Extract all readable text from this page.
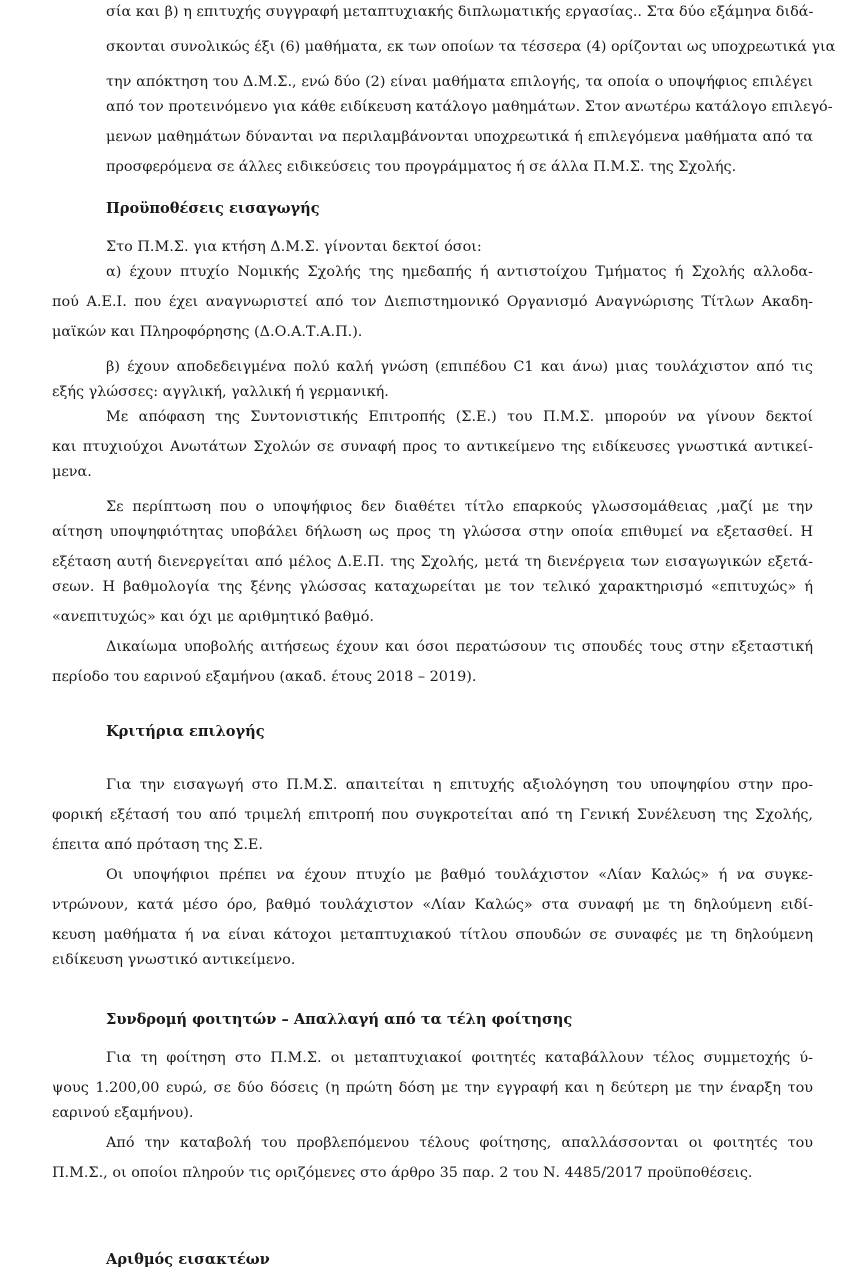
σία και β) η επιτυχής συγγραφή μεταπτυχιακής διπλωματικής εργασίας.. Στα δύο εξάμηνα διδά-
σκονται συνολικώς έξι (6) μαθήματα, εκ των οποίων τα τέσσερα (4) ορίζονται ως υποχρεωτικά για
την απόκτηση του Δ.Μ.Σ., ενώ δύο (2) είναι μαθήματα επιλογής, τα οποία ο υποψήφιος επιλέγει
από τον προτεινόμενο για κάθε ειδίκευση κατάλογο μαθημάτων. Στον ανωτέρω κατάλογο επιλεγό-
μενων μαθημάτων δύνανται να περιλαμβάνονται υποχρεωτικά ή επιλεγόμενα μαθήματα από τα
προσφερόμενα σε άλλες ειδικεύσεις του προγράμματος ή σε άλλα Π.Μ.Σ. της Σχολής.
Προϋποθέσεις εισαγωγής
Στο Π.Μ.Σ. για κτήση Δ.Μ.Σ. γίνονται δεκτοί όσοι:
α) έχουν πτυχίο Νομικής Σχολής της ημεδαπής ή αντιστοίχου Τμήματος ή Σχολής αλλοδα-
πού Α.Ε.Ι. που έχει αναγνωριστεί από τον Διεπιστημονικό Οργανισμό Αναγνώρισης Τίτλων Ακαδη-
μαϊκών και Πληροφόρησης (Δ.Ο.Α.Τ.Α.Π.).
β) έχουν αποδεδειγμένα πολύ καλή γνώση (επιπέδου C1 και άνω) μιας τουλάχιστον από τις
εξής γλώσσες: αγγλική, γαλλική ή γερμανική.
Με απόφαση της Συντονιστικής Επιτροπής (Σ.Ε.) του Π.Μ.Σ. μπορούν να γίνουν δεκτοί
και πτυχιούχοι Ανωτάτων Σχολών σε συναφή προς το αντικείμενο της ειδίκευσες γνωστικά αντικεί-
μενα.
Σε περίπτωση που ο υποψήφιος δεν διαθέτει τίτλο επαρκούς γλωσσομάθειας ,μαζί με την
αίτηση υποψηφιότητας υποβάλει δήλωση ως προς τη γλώσσα στην οποία επιθυμεί να εξετασθεί. Η
εξέταση αυτή διενεργείται από μέλος Δ.Ε.Π. της Σχολής, μετά τη διενέργεια των εισαγωγικών εξετά-
σεων. Η βαθμολογία της ξένης γλώσσας καταχωρείται με τον τελικό χαρακτηρισμό «επιτυχώς» ή
«ανεπιτυχώς» και όχι με αριθμητικό βαθμό.
Δικαίωμα υποβολής αιτήσεως έχουν και όσοι περατώσουν τις σπουδές τους στην εξεταστική
περίοδο του εαρινού εξαμήνου (ακαδ. έτους 2018 – 2019).
Κριτήρια επιλογής
Για την εισαγωγή στο Π.Μ.Σ. απαιτείται η επιτυχής αξιολόγηση του υποψηφίου στην προ-
φορική εξέτασή του από τριμελή επιτροπή που συγκροτείται από τη Γενική Συνέλευση της Σχολής,
έπειτα από πρόταση της Σ.Ε.
Οι υποψήφιοι πρέπει να έχουν πτυχίο με βαθμό τουλάχιστον «Λίαν Καλώς» ή να συγκε-
ντρώνουν, κατά μέσο όρο, βαθμό τουλάχιστον «Λίαν Καλώς» στα συναφή με τη δηλούμενη ειδί-
κευση μαθήματα ή να είναι κάτοχοι μεταπτυχιακού τίτλου σπουδών σε συναφές με τη δηλούμενη
ειδίκευση γνωστικό αντικείμενο.
Συνδρομή φοιτητών – Απαλλαγή από τα τέλη φοίτησης
Για τη φοίτηση στο Π.Μ.Σ. οι μεταπτυχιακοί φοιτητές καταβάλλουν τέλος συμμετοχής ύ-
ψους 1.200,00 ευρώ, σε δύο δόσεις (η πρώτη δόση με την εγγραφή και η δεύτερη με την έναρξη του
εαρινού εξαμήνου).
Από την καταβολή του προβλεπόμενου τέλους φοίτησης, απαλλάσσονται οι φοιτητές του
Π.Μ.Σ., οι οποίοι πληρούν τις οριζόμενες στο άρθρο 35 παρ. 2 του Ν. 4485/2017 προϋποθέσεις.
Αριθμός εισακτέων
